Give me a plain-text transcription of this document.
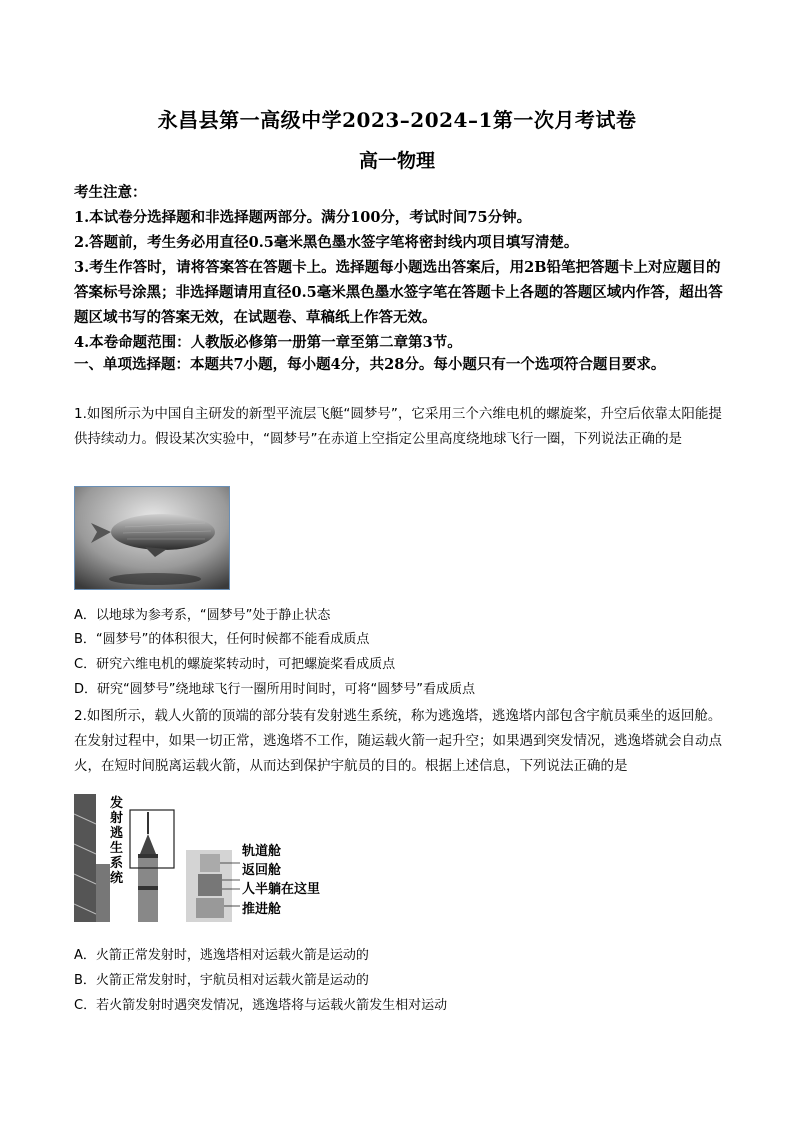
永昌县第一高级中学2023–2024–1第一次月考试卷
高一物理

考生注意：

1.本试卷分选择题和非选择题两部分。满分100分，考试时间75分钟。

2.答题前，考生务必用直径0.5毫米黑色墨水签字笔将密封线内项目填写清楚。

3.考生作答时，请将答案答在答题卡上。选择题每小题选出答案后，用2B铅笔把答题卡上对应题目的答案标号涂黑；非选择题请用直径0.5毫米黑色墨水签字笔在答题卡上各题的答题区域内作答，超出答题区域书写的答案无效，在试题卷、草稿纸上作答无效。

4.本卷命题范围：人教版必修第一册第一章至第二章第3节。

一、单项选择题：本题共7小题，每小题4分，共28分。每小题只有一个选项符合题目要求。
1.如图所示为中国自主研发的新型平流层飞艇“圆梦号”，它采用三个六维电机的螺旋桨，升空后依靠太阳能提供持续动力。假设某次实验中，“圆梦号”在赤道上空指定公里高度绕地球飞行一圈，下列说法正确的是
A．以地球为参考系，“圆梦号”处于静止状态
B．“圆梦号”的体积很大，任何时候都不能看成质点
C．研究六维电机的螺旋桨转动时，可把螺旋桨看成质点
D．研究“圆梦号”绕地球飞行一圈所用时间时，可将“圆梦号”看成质点
2.如图所示，载人火箭的顶端的部分装有发射逃生系统，称为逃逸塔，逃逸塔内部包含宇航员乘坐的返回舱。在发射过程中，如果一切正常，逃逸塔不工作，随运载火箭一起升空；如果遇到突发情况，逃逸塔就会自动点火，在短时间脱离运载火箭，从而达到保护宇航员的目的。根据上述信息，下列说法正确的是
发射逃生系统
轨道舱
返回舱
人半躺在这里
推进舱
A．火箭正常发射时，逃逸塔相对运载火箭是运动的
B．火箭正常发射时，宇航员相对运载火箭是运动的
C．若火箭发射时遇突发情况，逃逸塔将与运载火箭发生相对运动
